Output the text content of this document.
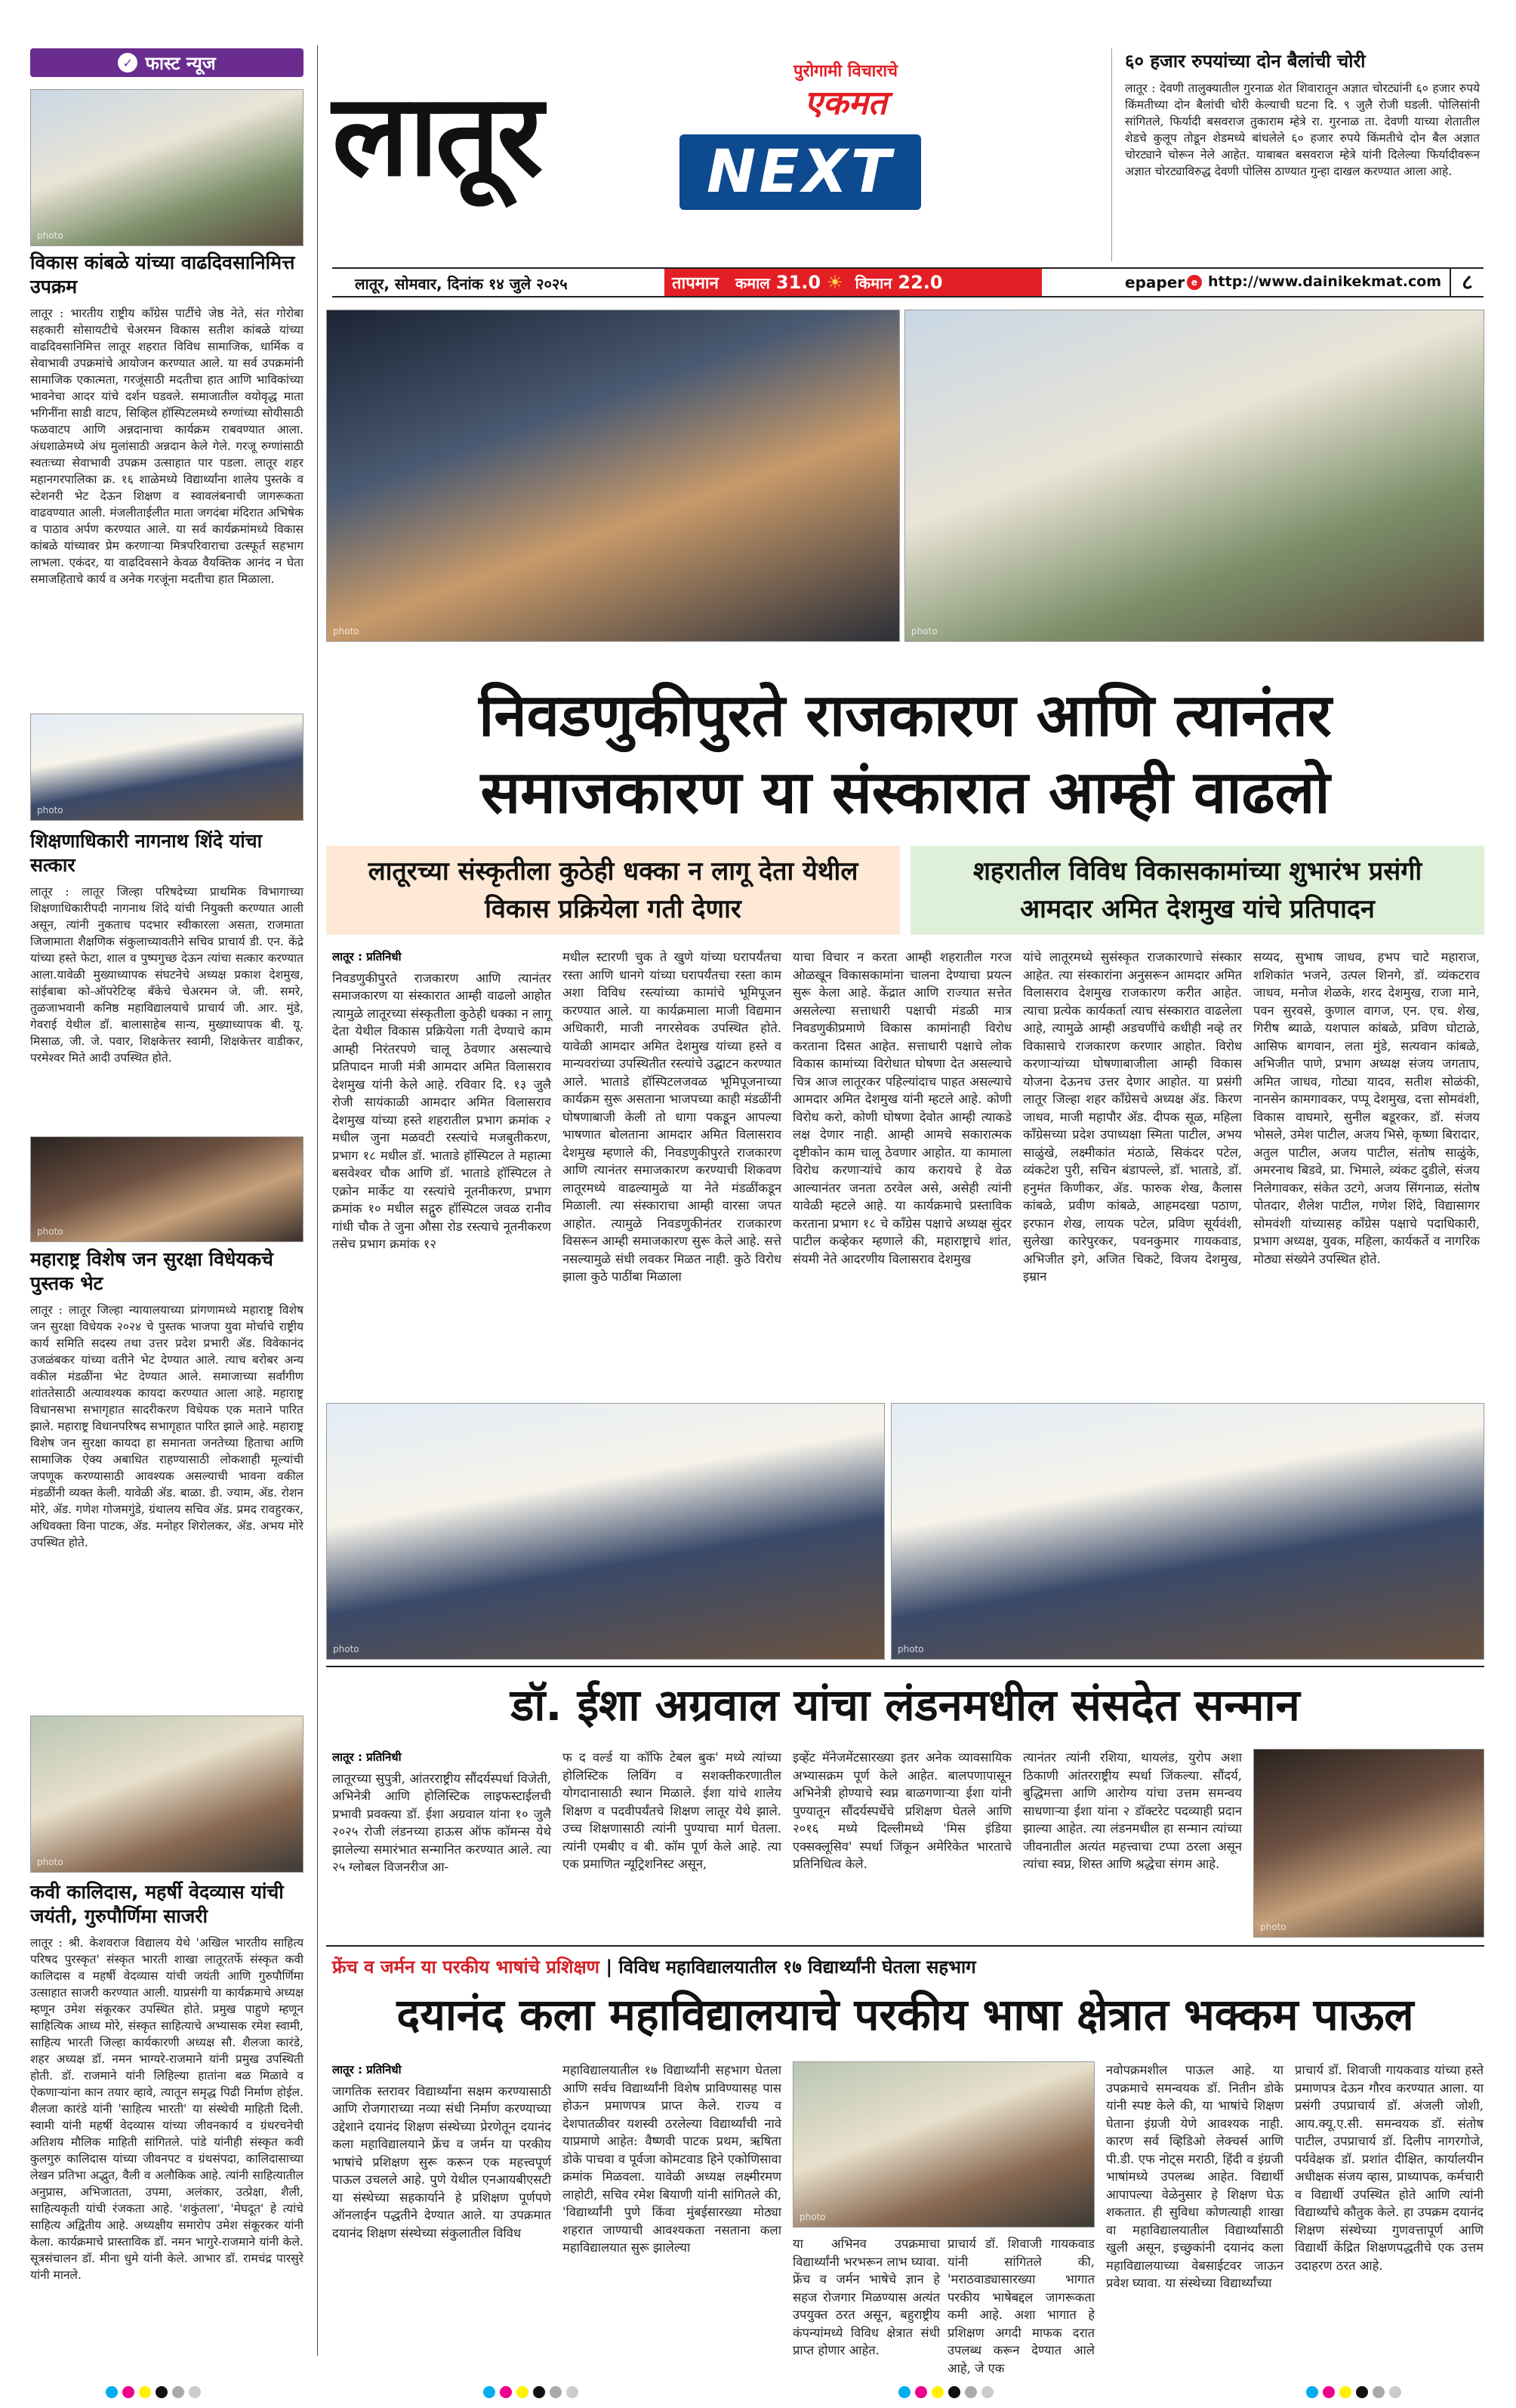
✓ फास्ट न्यूज
photo
विकास कांबळे यांच्या वाढदिवसानिमित्त उपक्रम
लातूर : भारतीय राष्ट्रीय काँग्रेस पार्टीचे जेष्ठ नेते, संत गोरोबा सहकारी सोसायटीचे चेअरमन विकास सतीश कांबळे यांच्या वाढदिवसानिमित्त लातूर शहरात विविध सामाजिक, धार्मिक व सेवाभावी उपक्रमांचे आयोजन करण्यात आले. या सर्व उपक्रमांनी सामाजिक एकात्मता, गरजूंसाठी मदतीचा हात आणि भाविकांच्या भावनेचा आदर यांचे दर्शन घडवले. समाजातील वयोवृद्ध माता भगिनींना साडी वाटप, सिव्हिल हॉस्पिटलमध्ये रुग्णांच्या सोयीसाठी फळवाटप आणि अन्नदानाचा कार्यक्रम राबवण्यात आला. अंधशाळेमध्ये अंध मुलांसाठी अन्नदान केले गेले. गरजू रुग्णांसाठी स्वतःच्या सेवाभावी उपक्रम उत्साहात पार पडला. लातूर शहर महानगरपालिका क्र. १६ शाळेमध्ये विद्यार्थ्यांना शालेय पुस्तके व स्टेशनरी भेट देऊन शिक्षण व स्वावलंबनाची जागरूकता वाढवण्यात आली. मंजलीताईलीत माता जगदंबा मंदिरात अभिषेक व पाठाव अर्पण करण्यात आले. या सर्व कार्यक्रमांमध्ये विकास कांबळे यांच्यावर प्रेम करणाऱ्या मित्रपरिवाराचा उत्स्फूर्त सहभाग लाभला. एकंदर, या वाढदिवसाने केवळ वैयक्तिक आनंद न घेता समाजहिताचे कार्य व अनेक गरजूंना मदतीचा हात मिळाला.
photo
शिक्षणाधिकारी नागनाथ शिंदे यांचा सत्कार
लातूर : लातूर जिल्हा परिषदेच्या प्राथमिक विभागाच्या शिक्षणाधिकारीपदी नागनाथ शिंदे यांची नियुक्ती करण्यात आली असून, त्यांनी नुकताच पदभार स्वीकारला असता, राजमाता जिजामाता शैक्षणिक संकुलाच्यावतीने सचिव प्राचार्य डी. एन. केंद्रे यांच्या हस्ते फेटा, शाल व पुष्पगुच्छ देऊन त्यांचा सत्कार करण्यात आला.यावेळी मुख्याध्यापक संघटनेचे अध्यक्ष प्रकाश देशमुख, सांईबाबा को-ऑपरेटिव्ह बँकेचे चेअरमन जे. जी. समरे, तुळजाभवानी कनिष्ठ महाविद्यालयाचे प्राचार्य जी. आर. मुंडे, गेवराई येथील डॉ. बालासाहेब सान्य, मुख्याध्यापक बी. यू. मिसाळ, जी. जे. पवार, शिक्षकेत्तर स्वामी, शिक्षकेत्तर वाडीकर, परमेश्वर मिते आदी उपस्थित होते.
photo
महाराष्ट्र विशेष जन सुरक्षा विधेयकचे पुस्तक भेट
लातूर : लातूर जिल्हा न्यायालयाच्या प्रांगणामध्ये महाराष्ट्र विशेष जन सुरक्षा विधेयक २०२४ चे पुस्तक भाजपा युवा मोर्चाचे राष्ट्रीय कार्य समिति सदस्य तथा उत्तर प्रदेश प्रभारी ॲड. विवेकानंद उजळंबकर यांच्या वतीने भेट देण्यात आले. त्याच बरोबर अन्य वकील मंडळींना भेट देण्यात आले. समाजाच्या सर्वांगीण शांततेसाठी अत्यावश्यक कायदा करण्यात आला आहे. महाराष्ट्र विधानसभा सभागृहात सादरीकरण विधेयक एक मताने पारित झाले. महाराष्ट्र विधानपरिषद सभागृहात पारित झाले आहे. महाराष्ट्र विशेष जन सुरक्षा कायदा हा समानता जनतेच्या हिताचा आणि सामाजिक ऐक्य अबाधित राहण्यासाठी लोकशाही मूल्यांची जपणूक करण्यासाठी आवश्यक असल्याची भावना वकील मंडळींनी व्यक्त केली. यावेळी ॲड. बाळा. डी. ज्याम, ॲड. रोशन मोरे, ॲड. गणेश गोजमगुंडे, ग्रंथालय सचिव ॲड. प्रमद रावहुरकर, अधिवक्ता विना पाटक, ॲड. मनोहर शिरोलकर, ॲड. अभय मोरे उपस्थित होते.
photo
कवी कालिदास, महर्षी वेदव्यास यांची जयंती, गुरुपौर्णिमा साजरी
लातूर : श्री. केशवराज विद्यालय येथे 'अखिल भारतीय साहित्य परिषद पुरस्कृत' संस्कृत भारती शाखा लातूरतर्फे संस्कृत कवी कालिदास व महर्षी वेदव्यास यांची जयंती आणि गुरुपौर्णिमा उत्साहात साजरी करण्यात आली. याप्रसंगी या कार्यक्रमाचे अध्यक्ष म्हणून उमेश संकूरकर उपस्थित होते. प्रमुख पाहुणे म्हणून साहित्यिक आध्य मोरे, संस्कृत साहित्याचे अभ्यासक रमेश स्वामी, साहित्य भारती जिल्हा कार्यकारणी अध्यक्ष सौ. शैलजा कारंडे, शहर अध्यक्ष डॉ. नमन भाग्यरे-राजमाने यांनी प्रमुख उपस्थिती होती. डॉ. राजमाने यांनी लिहिल्या हातांना बळ मिळावे व ऐकणाऱ्यांना कान तयार व्हावे, त्यातून समृद्ध पिढी निर्माण होईल. शैलजा कारंडे यांनी 'साहित्य भारती' या संस्थेची माहिती दिली. स्वामी यांनी महर्षी वेदव्यास यांच्या जीवनकार्य व ग्रंथरचनेची अतिशय मौलिक माहिती सांगितले. पांडे यांनीही संस्कृत कवी कुलगुरु कालिदास यांच्या जीवनपट व ग्रंथसंपदा, कालिदासाच्या लेखन प्रतिभा अद्भुत, वैली व अलौकिक आहे. त्यांनी साहित्यातील अनुप्रास, अभिजातता, उपमा, अलंकार, उत्प्रेक्षा, शैली, साहित्यकृती यांची रंजकता आहे. 'शकुंतला', 'मेघदूत' हे त्यांचे साहित्य अद्वितीय आहे. अध्यक्षीय समारोप उमेश संकूरकर यांनी केला. कार्यक्रमाचे प्रास्ताविक डॉ. नमन भागुरे-राजमाने यांनी केले. सूत्रसंचालन डॉ. मीना धुमे यांनी केले. आभार डॉ. रामचंद्र पारसुरे यांनी मानले.
लातूर	पुरोगामी विचाराचे
एकमत
NEXT
६० हजार रुपयांच्या दोन बैलांची चोरी
लातूर : देवणी तालुक्यातील गुरनाळ शेत शिवारातून अज्ञात चोरट्यांनी ६० हजार रुपये किंमतीच्या दोन बैलांची चोरी केल्याची घटना दि. ९ जुलै रोजी घडली. पोलिसांनी सांगितले, फिर्यादी बसवराज तुकाराम म्हेत्रे रा. गुरनाळ ता. देवणी याच्या शेतातील शेडचे कुलूप तोडून शेडमध्ये बांधलेले ६० हजार रुपये किंमतीचे दोन बैल अज्ञात चोरट्याने चोरून नेले आहेत. याबाबत बसवराज म्हेत्रे यांनी दिलेल्या फिर्यादीवरून अज्ञात चोरट्याविरुद्ध देवणी पोलिस ठाण्यात गुन्हा दाखल करण्यात आला आहे.
लातूर, सोमवार, दिनांक १४ जुले २०२५	तापमान कमाल 31.0 ☀ किमान 22.0	epaper e http://www.dainikekmat.com ८
photo	photo
निवडणुकीपुरते राजकारण आणि त्यानंतर
समाजकारण या संस्कारात आम्ही वाढलो
लातूरच्या संस्कृतीला कुठेही धक्का न लागू देता येथील विकास प्रक्रियेला गती देणार
शहरातील विविध विकासकामांच्या शुभारंभ प्रसंगी आमदार अमित देशमुख यांचे प्रतिपादन
लातूर : प्रतिनिधी
निवडणुकीपुरते राजकारण आणि त्यानंतर समाजकारण या संस्कारात आम्ही वाढलो आहोत त्यामुळे लातूरच्या संस्कृतीला कुठेही धक्का न लागू देता येथील विकास प्रक्रियेला गती देण्याचे काम आम्ही निरंतरपणे चालू ठेवणार असल्याचे प्रतिपादन माजी मंत्री आमदार अमित विलासराव देशमुख यांनी केले आहे. रविवार दि. १३ जुलै रोजी सायंकाळी आमदार अमित विलासराव देशमुख यांच्या हस्ते शहरातील प्रभाग क्रमांक २ मधील जुना मळवटी रस्त्यांचे मजबुतीकरण, प्रभाग १८ मधील डॉ. भाताडे हॉस्पिटल ते महात्मा बसवेश्वर चौक आणि डॉ. भाताडे हॉस्पिटल ते एक्रोन मार्केट या रस्त्यांचे नूतनीकरण, प्रभाग क्रमांक १० मधील सद्गुरु हॉस्पिटल जवळ रानीव गांधी चौक ते जुना औसा रोड रस्त्याचे नूतनीकरण तसेच प्रभाग क्रमांक १२
मधील स्टारणी चुक ते खुणे यांच्या घरापर्यंतचा रस्ता आणि धानगे यांच्या घरापर्यंतचा रस्ता काम अशा विविध रस्त्यांच्या कामांचे भूमिपूजन करण्यात आले. या कार्यक्रमाला माजी विद्यमान अधिकारी, माजी नगरसेवक उपस्थित होते. यावेळी आमदार अमित देशमुख यांच्या हस्ते व मान्यवरांच्या उपस्थितीत रस्त्यांचे उद्घाटन करण्यात आले. भाताडे हॉस्पिटलजवळ भूमिपूजनाच्या कार्यक्रम सुरू असताना भाजपच्या काही मंडळींनी घोषणाबाजी केली तो धागा पकडून आपल्या भाषणात बोलताना आमदार अमित विलासराव देशमुख म्हणाले की, निवडणुकीपुरते राजकारण आणि त्यानंतर समाजकारण करण्याची शिकवण लातूरमध्ये वाढल्यामुळे या नेते मंडळींकडून मिळाली. त्या संस्काराचा आम्ही वारसा जपत आहोत. त्यामुळे निवडणुकीनंतर राजकारण विसरून आम्ही समाजकारण सुरू केले आहे. सत्ते नसल्यामुळे संधी लवकर मिळत नाही. कुठे विरोध झाला कुठे पाठींबा मिळाला
याचा विचार न करता आम्ही शहरातील गरज ओळखून विकासकामांना चालना देण्याचा प्रयत्न सुरू केला आहे. केंद्रात आणि राज्यात सत्तेत असलेल्या सत्ताधारी पक्षाची मंडळी मात्र निवडणुकीप्रमाणे विकास कामांनाही विरोध करताना दिसत आहेत. सत्ताधारी पक्षाचे लोक विकास कामांच्या विरोधात घोषणा देत असल्याचे चित्र आज लातूरकर पहिल्यांदाच पाहत असल्याचे आमदार अमित देशमुख यांनी म्हटले आहे. कोणी विरोध करो, कोणी घोषणा देवोत आम्ही त्याकडे लक्ष देणार नाही. आम्ही आमचे सकारात्मक दृष्टीकोन काम चालू ठेवणार आहोत. या कामाला विरोध करणाऱ्यांचे काय करायचे हे वेळ आल्यानंतर जनता ठरवेल असे, असेही त्यांनी यावेळी म्हटले आहे. या कार्यक्रमाचे प्रस्ताविक करताना प्रभाग १८ चे काँग्रेस पक्षाचे अध्यक्ष सुंदर पाटील कव्हेकर म्हणाले की, महाराष्ट्राचे शांत, संयमी नेते आदरणीय विलासराव देशमुख
यांचे लातूरमध्ये सुसंस्कृत राजकारणाचे संस्कार आहेत. त्या संस्कारांना अनुसरून आमदार अमित विलासराव देशमुख राजकारण करीत आहेत. त्याचा प्रत्येक कार्यकर्ता त्याच संस्कारात वाढलेला आहे, त्यामुळे आम्ही अडचणींचे कधीही नव्हे तर विकासाचे राजकारण करणार आहोत. विरोध करणाऱ्यांच्या घोषणाबाजीला आम्ही विकास योजना देऊनच उत्तर देणार आहोत. या प्रसंगी लातूर जिल्हा शहर काँग्रेसचे अध्यक्ष ॲड. किरण जाधव, माजी महापौर ॲड. दीपक सूळ, महिला काँग्रेसच्या प्रदेश उपाध्यक्षा स्मिता पाटील, अभय साळुंखे, लक्ष्मीकांत मंठाळे, सिकंदर पटेल, व्यंकटेश पुरी, सचिन बंडापल्ले, डॉ. भाताडे, डॉ. हनुमंत किणीकर, ॲड. फारुक शेख, कैलास कांबळे, प्रवीण कांबळे, आहमदखा पठाण, इरफान शेख, लायक पटेल, प्रविण सूर्यवंशी, सुलेखा कारेपुरकर, पवनकुमार गायकवाड, अभिजीत इगे, अजित चिकटे, विजय देशमुख, इम्रान
सय्यद, सुभाष जाधव, हभप चाटे महाराज, शशिकांत भजने, उत्पल शिनगे, डॉ. व्यंकटराव जाधव, मनोज शेळके, शरद देशमुख, राजा माने, पवन सुरवसे, कुणाल वागज, एन. एच. शेख, गिरीष ब्याळे, यशपाल कांबळे, प्रविण घोटाळे, आसिफ बागवान, लता मुंडे, सत्यवान कांबळे, अभिजीत पाणे, प्रभाग अध्यक्ष संजय जगताप, अमित जाधव, गोट्या यादव, सतीश सोळंकी, नानसेन कामगावकर, पप्पू देशमुख, दत्ता सोमवंशी, विकास वाघमारे, सुनील बडूरकर, डॉ. संजय भोसले, उमेश पाटील, अजय भिसे, कृष्णा बिरादार, अतुल पाटील, अजय पाटील, संतोष साळुंके, अमरनाथ बिडवे, प्रा. भिमाले, व्यंकट दुडीले, संजय निलेगावकर, संकेत उटगे, अजय सिंगनाळ, संतोष पोतदार, शैलेश पाटील, गणेश शिंदे, विद्यासागर सोमवंशी यांच्यासह काँग्रेस पक्षाचे पदाधिकारी, प्रभाग अध्यक्ष, युवक, महिला, कार्यकर्ते व नागरिक मोठ्या संख्येने उपस्थित होते.
photo	photo
डॉ. ईशा अग्रवाल यांचा लंडनमधील संसदेत सन्मान
लातूर : प्रतिनिधी
लातूरच्या सुपुत्री, आंतरराष्ट्रीय सौंदर्यस्पर्धा विजेती, अभिनेत्री आणि होलिस्टिक लाइफस्टाईलची प्रभावी प्रवक्त्या डॉ. ईशा अग्रवाल यांना १० जुलै २०२५ रोजी लंडनच्या हाऊस ऑफ कॉमन्स येथे झालेल्या समारंभात सन्मानित करण्यात आले. त्या २५ ग्लोबल विजनरीज आ-
फ द वर्ल्ड या कॉफि टेबल बुक' मध्ये त्यांच्या होलिस्टिक लिविंग व सशक्तीकरणातील योगदानासाठी स्थान मिळाले. ईशा यांचे शालेय शिक्षण व पदवीपर्यंतचे शिक्षण लातूर येथे झाले. उच्च शिक्षणासाठी त्यांनी पुण्याचा मार्ग घेतला. त्यांनी एमबीए व बी. कॉम पूर्ण केले आहे. त्या एक प्रमाणित न्यूट्रिशनिस्ट असून,
इव्हेंट मॅनेजमेंटसारख्या इतर अनेक व्यावसायिक अभ्यासक्रम पूर्ण केले आहेत. बालपणापासून अभिनेत्री होण्याचे स्वप्न बाळगणाऱ्या ईशा यांनी पुण्यातून सौंदर्यस्पर्धेचे प्रशिक्षण घेतले आणि २०१६ मध्ये दिल्लीमध्ये 'मिस इंडिया एक्सक्लूसिव' स्पर्धा जिंकून अमेरिकेत भारताचे प्रतिनिधित्व केले.
त्यानंतर त्यांनी रशिया, थायलंड, युरोप अशा ठिकाणी आंतरराष्ट्रीय स्पर्धा जिंकल्या. सौंदर्य, बुद्धिमत्ता आणि आरोग्य यांचा उत्तम समन्वय साधणाऱ्या ईशा यांना २ डॉक्टरेट पदव्याही प्रदान झाल्या आहेत. त्या लंडनमधील हा सन्मान त्यांच्या जीवनातील अत्यंत महत्त्वाचा टप्पा ठरला असून त्यांचा स्वप्न, शिस्त आणि श्रद्धेचा संगम आहे.
photo
फ्रेंच व जर्मन या परकीय भाषांचे प्रशिक्षण | विविध महाविद्यालयातील १७ विद्यार्थ्यांनी घेतला सहभाग
दयानंद कला महाविद्यालयाचे परकीय भाषा क्षेत्रात भक्कम पाऊल
लातूर : प्रतिनिधी
जागतिक स्तरावर विद्यार्थ्यांना सक्षम करण्यासाठी आणि रोजगाराच्या नव्या संधी निर्माण करण्याच्या उद्देशाने दयानंद शिक्षण संस्थेच्या प्रेरणेतून दयानंद कला महाविद्यालयाने फ्रेंच व जर्मन या परकीय भाषांचे प्रशिक्षण सुरू करून एक महत्त्वपूर्ण पाऊल उचलले आहे. पुणे येथील एनआयबीएसटी या संस्थेच्या सहकार्याने हे प्रशिक्षण पूर्णपणे ऑनलाईन पद्धतीने देण्यात आले. या उपक्रमात दयानंद शिक्षण संस्थेच्या संकुलातील विविध
महाविद्यालयातील १७ विद्यार्थ्यांनी सहभाग घेतला आणि सर्वच विद्यार्थ्यांनी विशेष प्राविण्यासह पास होऊन प्रमाणपत्र प्राप्त केले. राज्य व देशपातळीवर यशस्वी ठरलेल्या विद्यार्थ्यांची नावे याप्रमाणे आहेत: वैष्णवी पाटक प्रथम, ऋषिता डोके पाचवा व पूर्वजा कोमटवाड हिने एकोणिसावा क्रमांक मिळवला. यावेळी अध्यक्ष लक्ष्मीरमण लाहोटी, सचिव रमेश बियाणी यांनी सांगितले की, 'विद्यार्थ्यांनी पुणे किंवा मुंबईसारख्या मोठ्या शहरात जाण्याची आवश्यकता नसताना कला महाविद्यालयात सुरू झालेल्या
photo
या अभिनव उपक्रमाचा विद्यार्थ्यांनी भरभरून लाभ घ्यावा. फ्रेंच व जर्मन भाषेचे ज्ञान हे सहज रोजगार मिळण्यास अत्यंत उपयुक्त ठरत असून, बहुराष्ट्रीय कंपन्यांमध्ये विविध क्षेत्रात संधी प्राप्त होणार आहेत.
प्राचार्य डॉ. शिवाजी गायकवाड यांनी सांगितले की, 'मराठवाड्यासारख्या भागात परकीय भाषेबद्दल जागरूकता कमी आहे. अशा भागात हे प्रशिक्षण अगदी माफक दरात उपलब्ध करून देण्यात आले आहे, जे एक
नवोपक्रमशील पाऊल आहे. या उपक्रमाचे समन्वयक डॉ. नितीन डोके यांनी स्पष्ट केले की, या भाषांचे शिक्षण घेताना इंग्रजी येणे आवश्यक नाही. कारण सर्व व्हिडिओ लेक्चर्स आणि पी.डी. एफ नोट्स मराठी, हिंदी व इंग्रजी भाषांमध्ये उपलब्ध आहेत. विद्यार्थी आपापल्या वेळेनुसार हे शिक्षण घेऊ शकतात. ही सुविधा कोणत्याही शाखा वा महाविद्यालयातील विद्यार्थ्यांसाठी खुली असून, इच्छुकांनी दयानंद कला महाविद्यालयाच्या वेबसाईटवर जाऊन प्रवेश घ्यावा. या संस्थेच्या विद्यार्थ्यांच्या
प्राचार्य डॉ. शिवाजी गायकवाड यांच्या हस्ते प्रमाणपत्र देऊन गौरव करण्यात आला. या प्रसंगी उपप्राचार्य डॉ. अंजली जोशी, आय.क्यू.ए.सी. समन्वयक डॉ. संतोष पाटील, उपप्राचार्य डॉ. दिलीप नागरगोजे, पर्यवेक्षक डॉ. प्रशांत दीक्षित, कार्यालयीन अधीक्षक संजय व्हास, प्राध्यापक, कर्मचारी व विद्यार्थी उपस्थित होते आणि त्यांनी विद्यार्थ्यांचे कौतुक केले. हा उपक्रम दयानंद शिक्षण संस्थेच्या गुणवत्तापूर्ण आणि विद्यार्थी केंद्रित शिक्षणपद्धतीचे एक उत्तम उदाहरण ठरत आहे.
